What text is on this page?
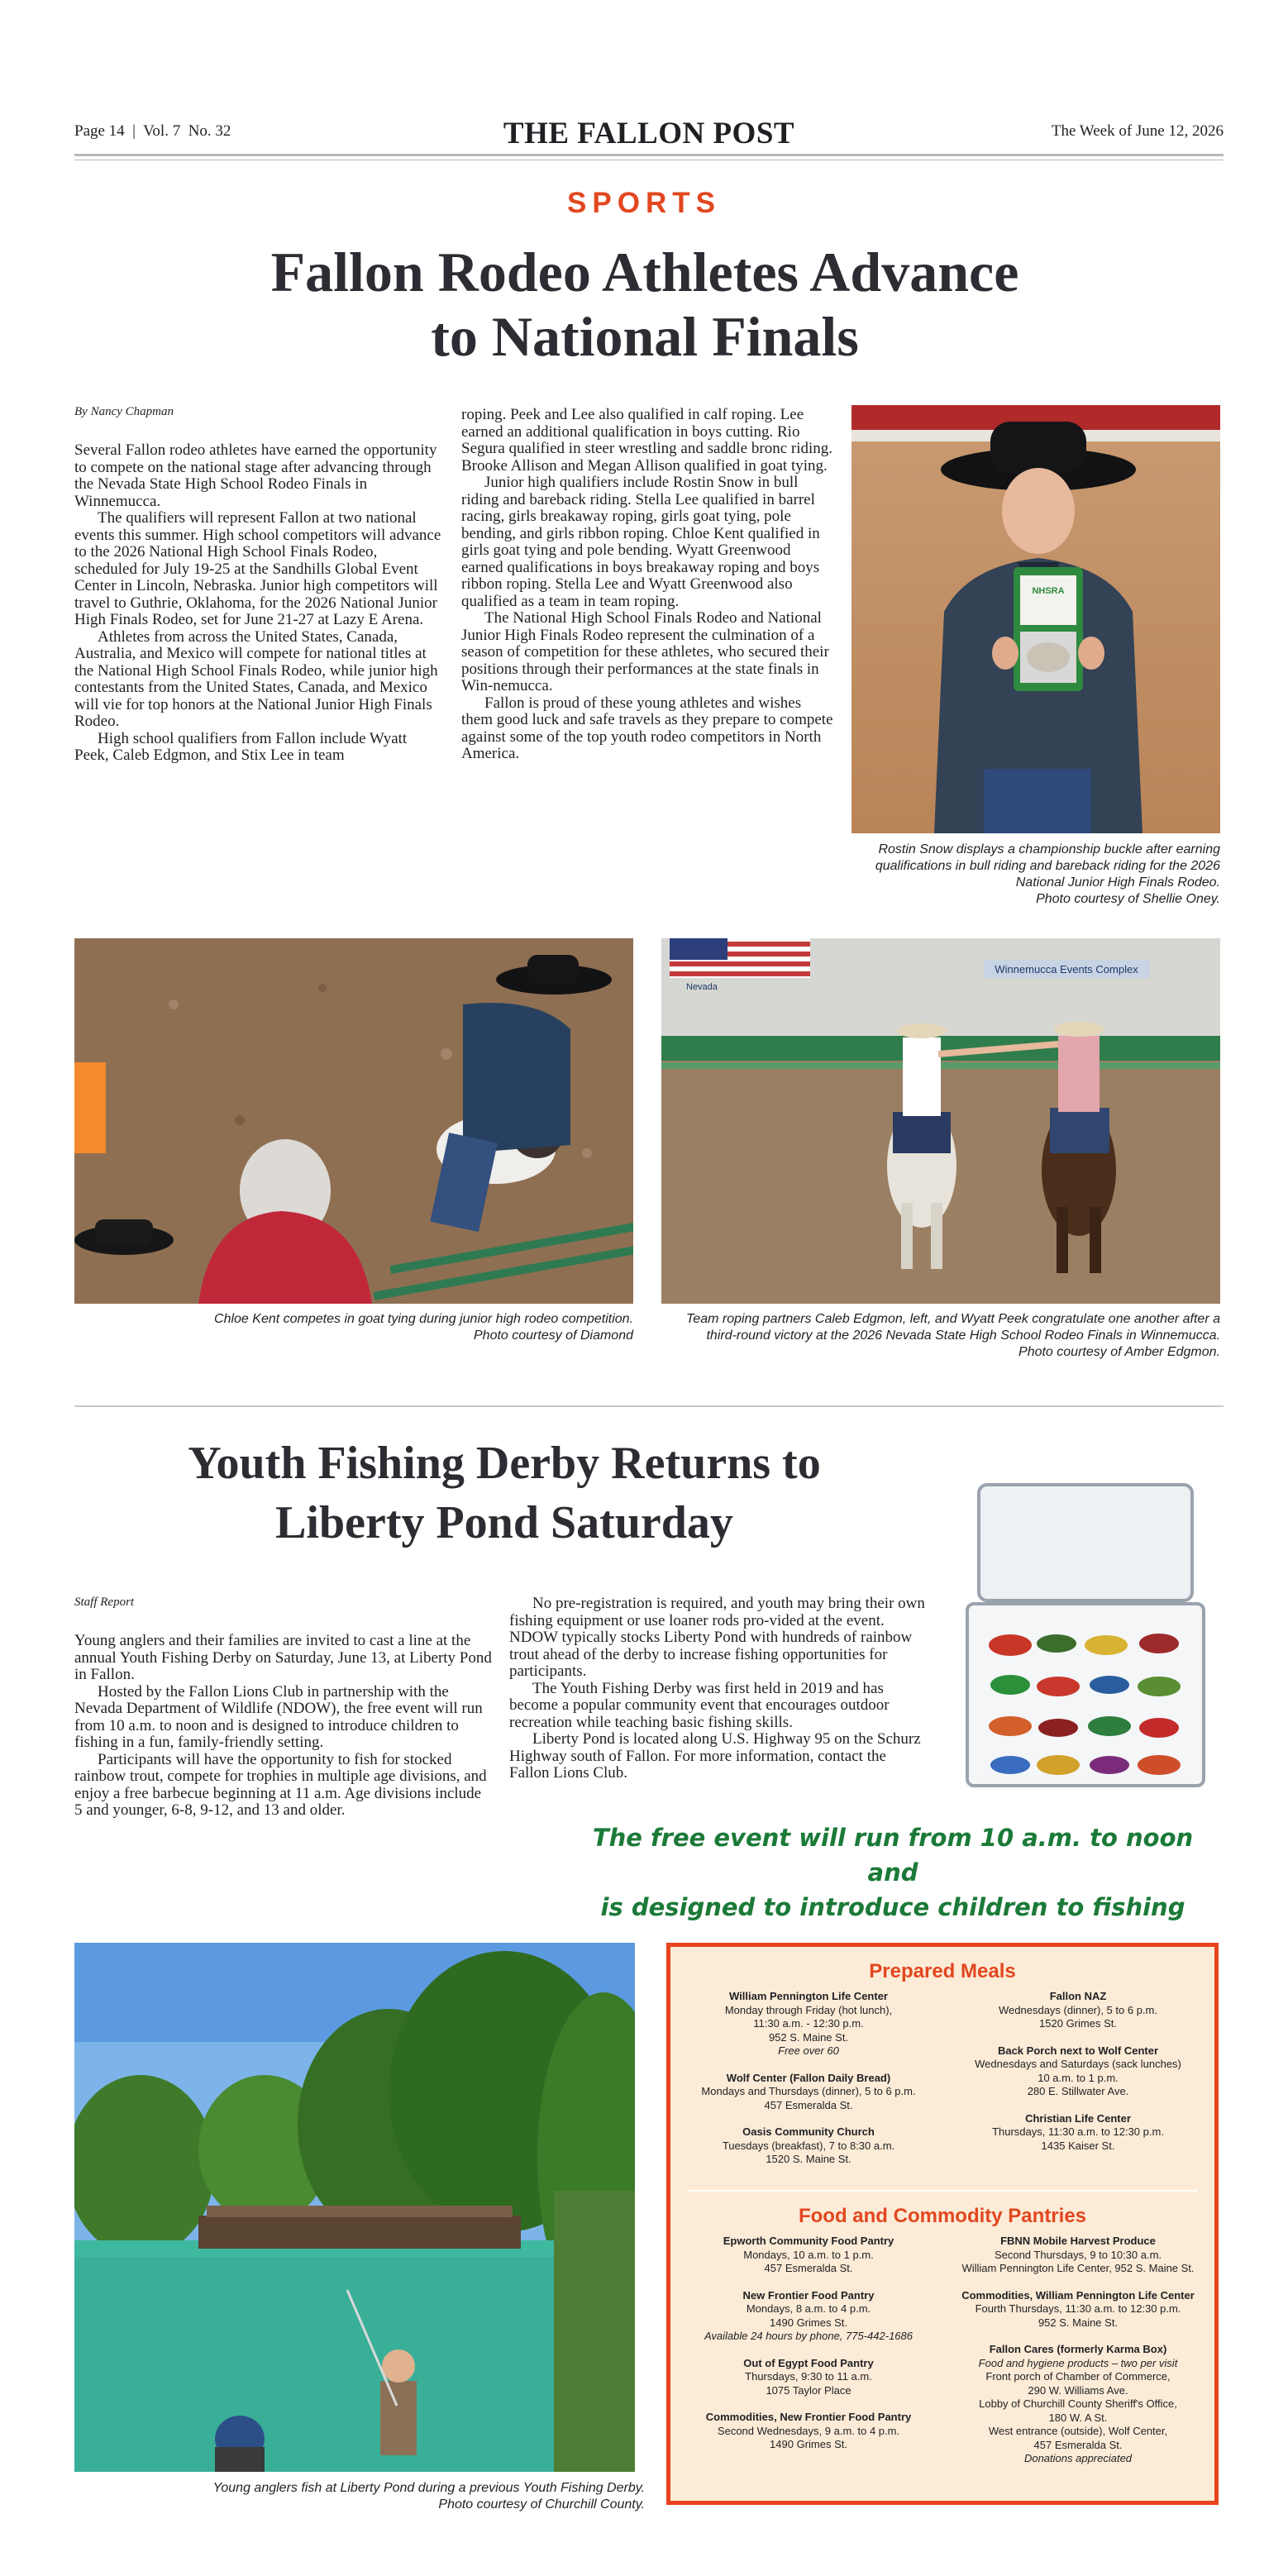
Page 14  |  Vol. 7  No. 32	THE FALLON POST	The Week of June 12, 2026
SPORTS
Fallon Rodeo Athletes Advance
to National Finals
By Nancy Chapman

Several Fallon rodeo athletes have earned the opportunity to compete on the national stage after advancing through the Nevada State High School Rodeo Finals in Winnemucca.

The qualifiers will represent Fallon at two national events this summer. High school competitors will advance to the 2026 National High School Finals Rodeo, scheduled for July 19-25 at the Sandhills Global Event Center in Lincoln, Nebraska. Junior high competitors will travel to Guthrie, Oklahoma, for the 2026 National Junior High Finals Rodeo, set for June 21-27 at Lazy E Arena.

Athletes from across the United States, Canada, Australia, and Mexico will compete for national titles at the National High School Finals Rodeo, while junior high contestants from the United States, Canada, and Mexico will vie for top honors at the National Junior High Finals Rodeo.

High school qualifiers from Fallon include Wyatt Peek, Caleb Edgmon, and Stix Lee in team

roping. Peek and Lee also qualified in calf roping. Lee earned an additional qualification in boys cutting. Rio Segura qualified in steer wrestling and saddle bronc riding. Brooke Allison and Megan Allison qualified in goat tying.

Junior high qualifiers include Rostin Snow in bull riding and bareback riding. Stella Lee qualified in barrel racing, girls breakaway roping, girls goat tying, pole bending, and girls ribbon roping. Chloe Kent qualified in girls goat tying and pole bending. Wyatt Greenwood earned qualifications in boys breakaway roping and boys ribbon roping. Stella Lee and Wyatt Greenwood also qualified as a team in team roping.

The National High School Finals Rodeo and National Junior High Finals Rodeo represent the culmination of a season of competition for these athletes, who secured their positions through their performances at the state finals in Win-nemucca.

Fallon is proud of these young athletes and wishes them good luck and safe travels as they prepare to compete against some of the top youth rodeo competitors in North America.

NHSRA
Rostin Snow displays a championship buckle after earning
qualifications in bull riding and bareback riding for the 2026
National Junior High Finals Rodeo.
Photo courtesy of Shellie Oney.
Chloe Kent competes in goat tying during junior high rodeo competition.
Photo courtesy of Diamond
Winnemucca Events Complex
Nevada
Team roping partners Caleb Edgmon, left, and Wyatt Peek congratulate one another after a
third-round victory at the 2026 Nevada State High School Rodeo Finals in Winnemucca.
Photo courtesy of Amber Edgmon.
Youth Fishing Derby Returns to
Liberty Pond Saturday
Staff Report

Young anglers and their families are invited to cast a line at the annual Youth Fishing Derby on Saturday, June 13, at Liberty Pond in Fallon.

Hosted by the Fallon Lions Club in partnership with the Nevada Department of Wildlife (NDOW), the free event will run from 10 a.m. to noon and is designed to introduce children to fishing in a fun, family-friendly setting.

Participants will have the opportunity to fish for stocked rainbow trout, compete for trophies in multiple age divisions, and enjoy a free barbecue beginning at 11 a.m. Age divisions include 5 and younger, 6-8, 9-12, and 13 and older.

No pre-registration is required, and youth may bring their own fishing equipment or use loaner rods pro-vided at the event. NDOW typically stocks Liberty Pond with hundreds of rainbow trout ahead of the derby to increase fishing opportunities for participants.

The Youth Fishing Derby was first held in 2019 and has become a popular community event that encourages outdoor recreation while teaching basic fishing skills.

Liberty Pond is located along U.S. Highway 95 on the Schurz Highway south of Fallon. For more information, contact the Fallon Lions Club.

The free event will run from 10 a.m. to noon and
is designed to introduce children to fishing
Young anglers fish at Liberty Pond during a previous Youth Fishing Derby.
Photo courtesy of Churchill County.
Prepared Meals
William Pennington Life Center
Monday through Friday (hot lunch),
11:30 a.m. - 12:30 p.m.
952 S. Maine St.
Free over 60
Wolf Center (Fallon Daily Bread)
Mondays and Thursdays (dinner), 5 to 6 p.m.
457 Esmeralda St.
Oasis Community Church
Tuesdays (breakfast), 7 to 8:30 a.m.
1520 S. Maine St.
Fallon NAZ
Wednesdays (dinner), 5 to 6 p.m.
1520 Grimes St.
Back Porch next to Wolf Center
Wednesdays and Saturdays (sack lunches)
10 a.m. to 1 p.m.
280 E. Stillwater Ave.
Christian Life Center
Thursdays, 11:30 a.m. to 12:30 p.m.
1435 Kaiser St.
Food and Commodity Pantries
Epworth Community Food Pantry
Mondays, 10 a.m. to 1 p.m.
457 Esmeralda St.
New Frontier Food Pantry
Mondays, 8 a.m. to 4 p.m.
1490 Grimes St.
Available 24 hours by phone, 775-442-1686
Out of Egypt Food Pantry
Thursdays, 9:30 to 11 a.m.
1075 Taylor Place
Commodities, New Frontier Food Pantry
Second Wednesdays, 9 a.m. to 4 p.m.
1490 Grimes St.
FBNN Mobile Harvest Produce
Second Thursdays, 9 to 10:30 a.m.
William Pennington Life Center, 952 S. Maine St.
Commodities, William Pennington Life Center
Fourth Thursdays, 11:30 a.m. to 12:30 p.m.
952 S. Maine St.
Fallon Cares (formerly Karma Box)
Food and hygiene products – two per visit
Front porch of Chamber of Commerce,
290 W. Williams Ave.
Lobby of Churchill County Sheriff's Office,
180 W. A St.
West entrance (outside), Wolf Center,
457 Esmeralda St.
Donations appreciated
